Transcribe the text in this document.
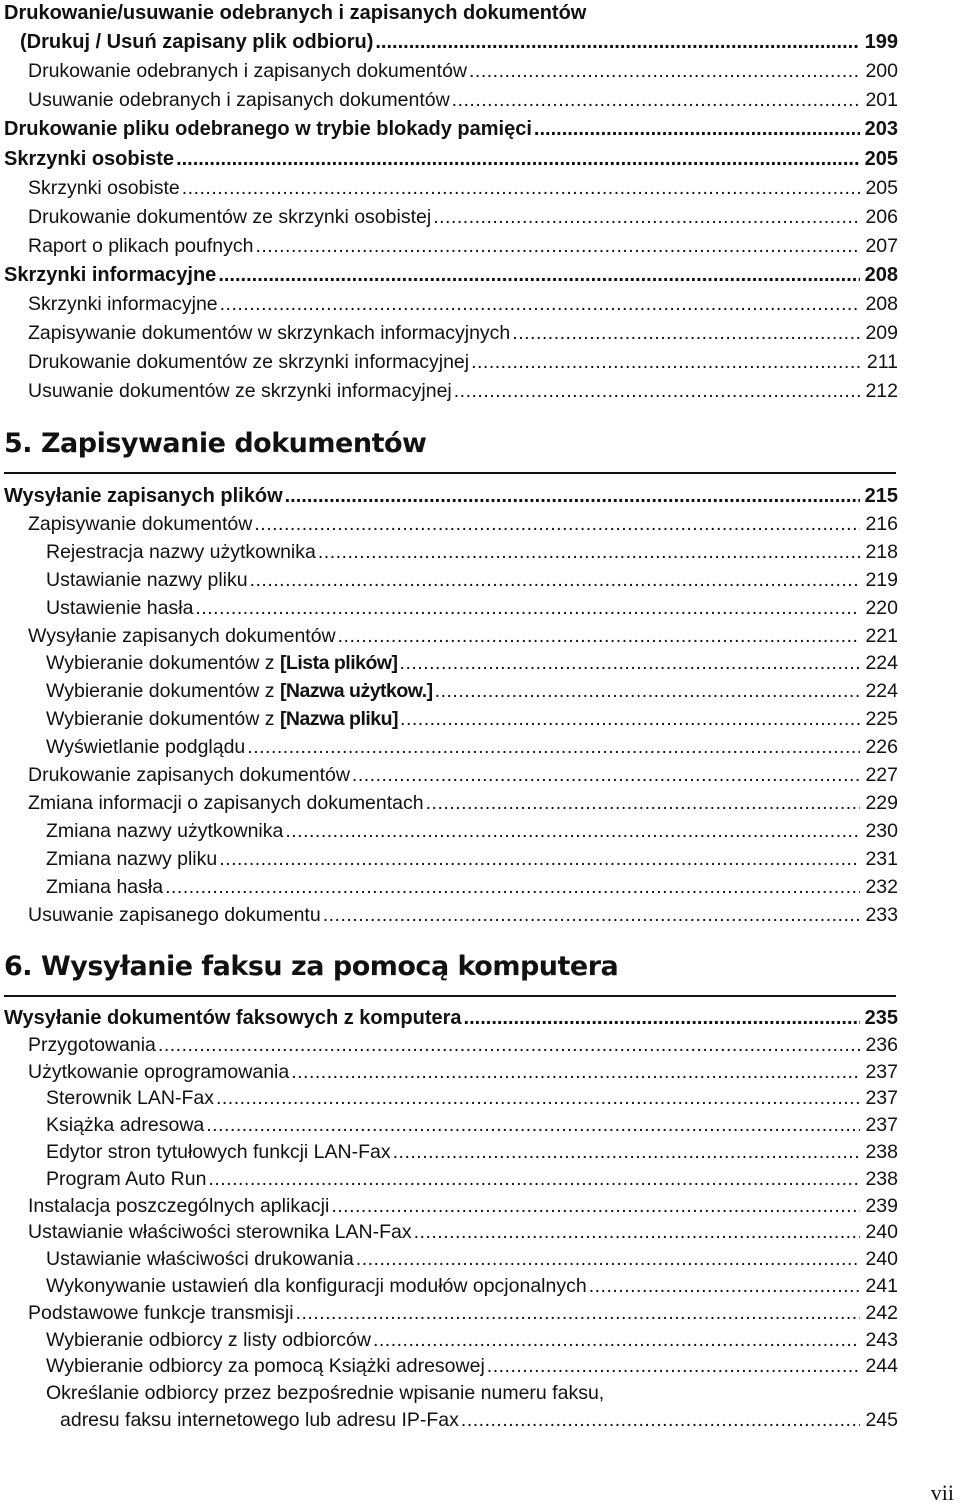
Drukowanie/usuwanie odebranych i zapisanych dokumentów
(Drukuj / Usuń zapisany plik odbioru) .....	199
Drukowanie odebranych i zapisanych dokumentów .....	200
Usuwanie odebranych i zapisanych dokumentów .....	201
Drukowanie pliku odebranego w trybie blokady pamięci .....	203
Skrzynki osobiste .....	205
Skrzynki osobiste .....	205
Drukowanie dokumentów ze skrzynki osobistej .....	206
Raport o plikach poufnych .....	207
Skrzynki informacyjne .....	208
Skrzynki informacyjne .....	208
Zapisywanie dokumentów w skrzynkach informacyjnych .....	209
Drukowanie dokumentów ze skrzynki informacyjnej .....	211
Usuwanie dokumentów ze skrzynki informacyjnej .....	212
Wysyłanie zapisanych plików .....	215
Zapisywanie dokumentów .....	216
Rejestracja nazwy użytkownika .....	218
Ustawianie nazwy pliku .....	219
Ustawienie hasła .....	220
Wysyłanie zapisanych dokumentów .....	221
Wybieranie dokumentów z [Lista plików] .....	224
Wybieranie dokumentów z [Nazwa użytkow.] .....	224
Wybieranie dokumentów z [Nazwa pliku] .....	225
Wyświetlanie podglądu .....	226
Drukowanie zapisanych dokumentów .....	227
Zmiana informacji o zapisanych dokumentach .....	229
Zmiana nazwy użytkownika .....	230
Zmiana nazwy pliku .....	231
Zmiana hasła .....	232
Usuwanie zapisanego dokumentu .....	233
Wysyłanie dokumentów faksowych z komputera .....	235
Przygotowania .....	236
Użytkowanie oprogramowania .....	237
Sterownik LAN-Fax .....	237
Książka adresowa .....	237
Edytor stron tytułowych funkcji LAN-Fax .....	238
Program Auto Run .....	238
Instalacja poszczególnych aplikacji .....	239
Ustawianie właściwości sterownika LAN-Fax .....	240
Ustawianie właściwości drukowania .....	240
Wykonywanie ustawień dla konfiguracji modułów opcjonalnych .....	241
Podstawowe funkcje transmisji .....	242
Wybieranie odbiorcy z listy odbiorców .....	243
Wybieranie odbiorcy za pomocą Książki adresowej .....	244
Określanie odbiorcy przez bezpośrednie wpisanie numeru faksu,
adresu faksu internetowego lub adresu IP-Fax .....	245
5. Zapisywanie dokumentów
6. Wysyłanie faksu za pomocą komputera
vii
